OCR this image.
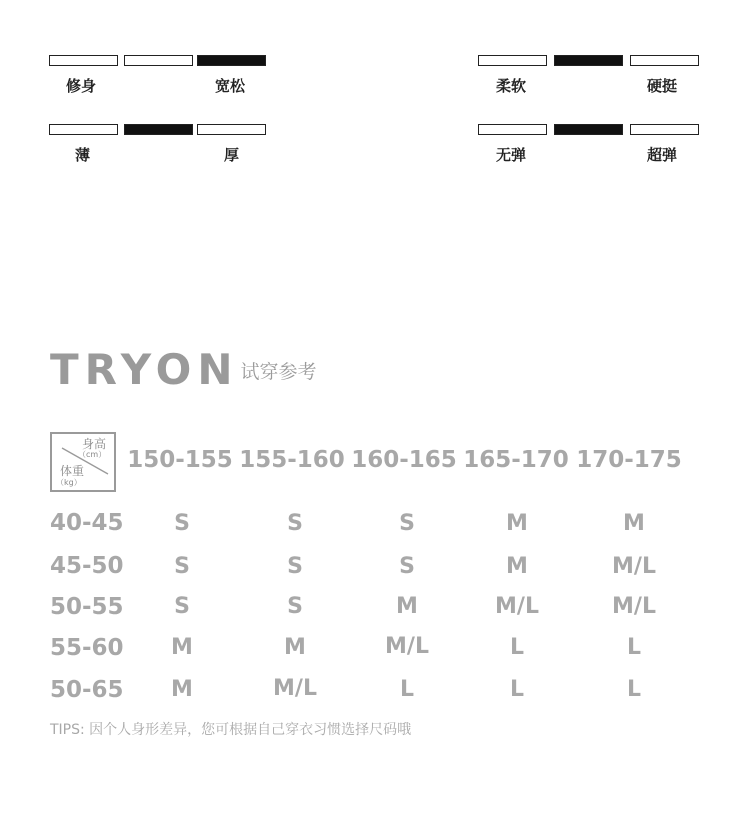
修身	宽松	柔软	硬挺
薄	厚	无弹	超弹
TRYON 试穿参考
身高
（cm）
体重
（kg）
150-155 155-160 160-165 165-170 170-175
40-45	S	S	S	M	M
45-50	S	S	S	M	M/L
50-55	S	S	M	M/L	M/L
55-60	M	M	M/L	L	L
50-65	M	M/L	L	L	L
TIPS: 因个人身形差异，您可根据自己穿衣习惯选择尺码哦
